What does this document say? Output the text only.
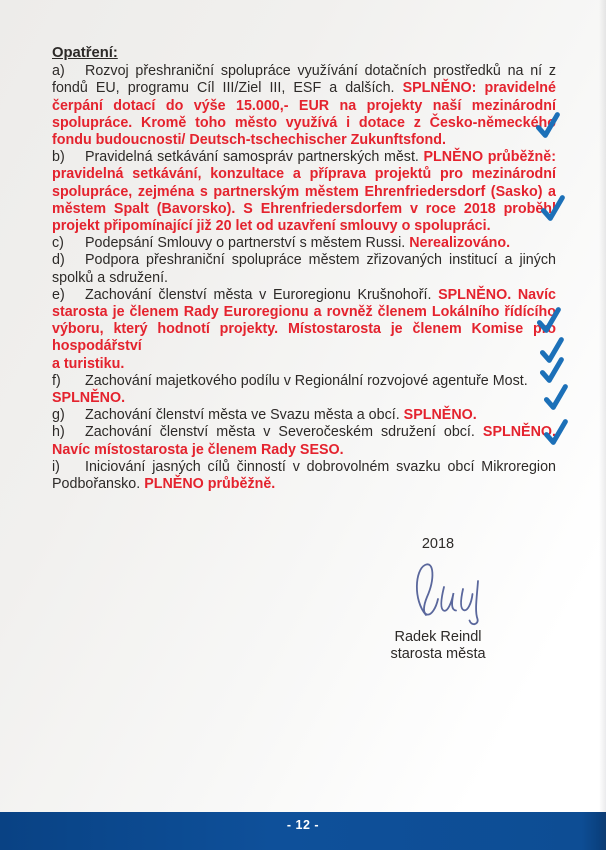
Opatření:

a) Rozvoj přeshraniční spolupráce využívání dotačních prostředků na ní z fondů EU, programu Cíl III/Ziel III, ESF a dalších. SPLNĚNO: pravidelné čerpání dotací do výše 15.000,- EUR na projekty naší mezinárodní spolupráce. Kromě toho město využívá i dotace z Česko-německého fondu budoucnosti/ Deutsch-tschechischer Zukunftsfond.

b) Pravidelná setkávání samospráv partnerských měst. PLNĚNO průběžně: pravidelná setkávání, konzultace a příprava projektů pro mezinárodní spolupráce, zejména s partnerským městem Ehrenfriedersdorf (Sasko) a městem Spalt (Bavorsko). S Ehrenfriedersdorfem v roce 2018 proběhl projekt připomínající již 20 let od uzavření smlouvy o spolupráci.

c) Podepsání Smlouvy o partnerství s městem Russi. Nerealizováno.

d) Podpora přeshraniční spolupráce městem zřizovaných institucí a jiných spolků a sdružení.

e) Zachování členství města v Euroregionu Krušnohoří. SPLNĚNO. Navíc starosta je členem Rady Euroregionu a rovněž členem Lokálního řídícího výboru, který hodnotí projekty. Místostarosta je členem Komise pro hospodářství
a turistiku.

f) Zachování majetkového podílu v Regionální rozvojové agentuře Most.
SPLNĚNO.

g) Zachování členství města ve Svazu města a obcí. SPLNĚNO.

h) Zachování členství města v Severočeském sdružení obcí. SPLNĚNO. Navíc místostarosta je členem Rady SESO.

i) Iniciování jasných cílů činností v dobrovolném svazku obcí Mikroregion Podbořansko. PLNĚNO průběžně.

2018
Radek Reindl
starosta města
- 12 -
